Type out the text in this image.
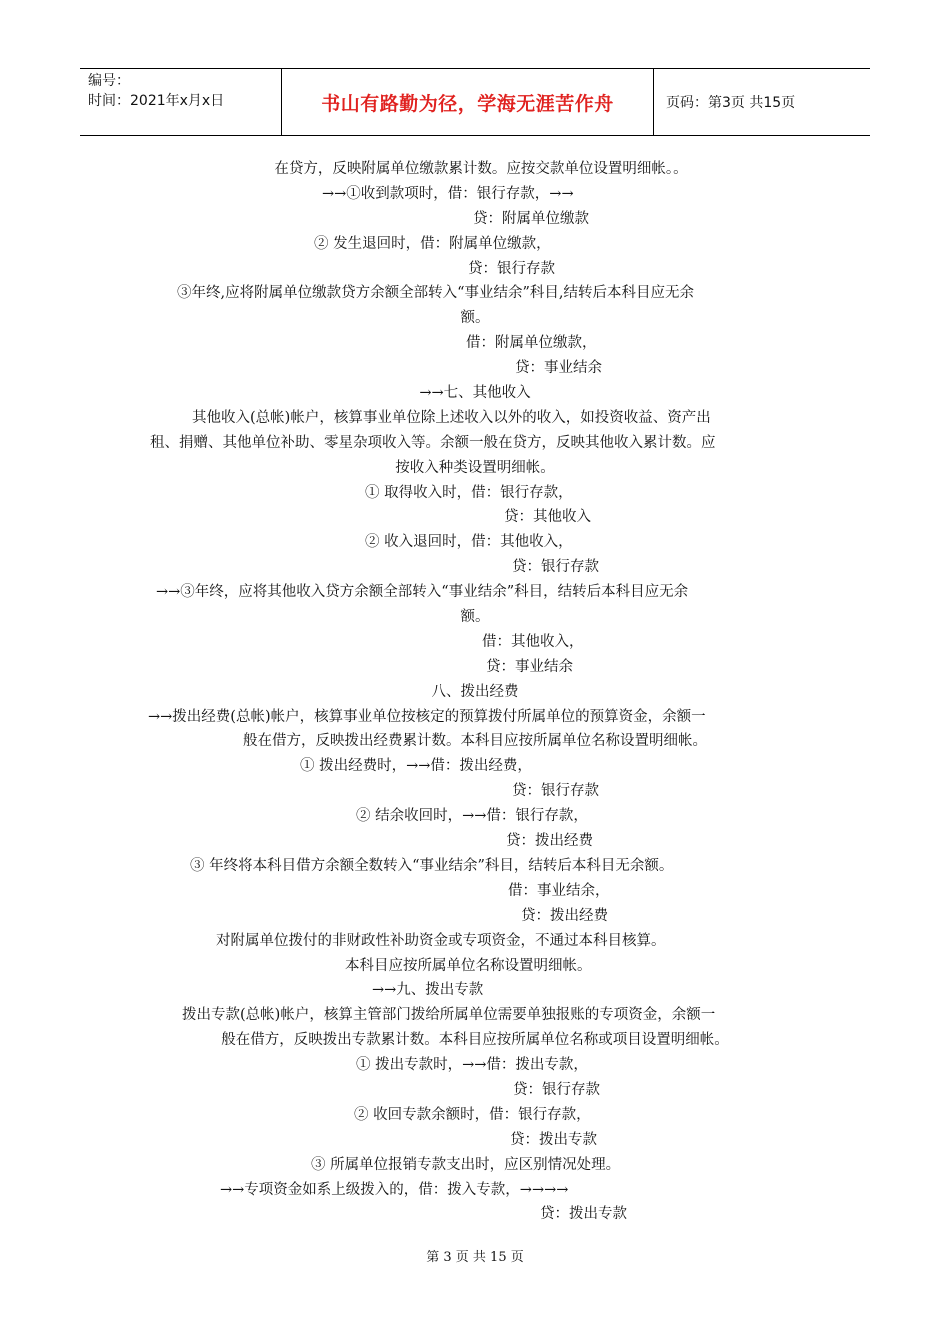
编号：
时间：2021年x月x日	书山有路勤为径，学海无涯苦作舟	页码：第3页 共15页
在贷方，反映附属单位缴款累计数。应按交款单位设置明细帐。。
→→①收到款项时，借：银行存款，→→
贷：附属单位缴款
② 发生退回时，借：附属单位缴款，
贷：银行存款
③年终,应将附属单位缴款贷方余额全部转入“事业结余”科目,结转后本科目应无余
额。
借：附属单位缴款，
贷：事业结余
→→七、其他收入
其他收入(总帐)帐户，核算事业单位除上述收入以外的收入，如投资收益、资产出
租、捐赠、其他单位补助、零星杂项收入等。余额一般在贷方，反映其他收入累计数。应
按收入种类设置明细帐。
① 取得收入时，借：银行存款，
贷：其他收入
② 收入退回时，借：其他收入，
贷：银行存款
→→③年终，应将其他收入贷方余额全部转入“事业结余”科目，结转后本科目应无余
额。
借：其他收入，
贷：事业结余
八、拨出经费
→→拨出经费(总帐)帐户，核算事业单位按核定的预算拨付所属单位的预算资金，余额一
般在借方，反映拨出经费累计数。本科目应按所属单位名称设置明细帐。
① 拨出经费时，→→借：拨出经费，
贷：银行存款
② 结余收回时，→→借：银行存款，
贷：拨出经费
③ 年终将本科目借方余额全数转入“事业结余”科目，结转后本科目无余额。
借：事业结余，
贷：拨出经费
对附属单位拨付的非财政性补助资金或专项资金，不通过本科目核算。
本科目应按所属单位名称设置明细帐。
→→九、拨出专款
拨出专款(总帐)帐户，核算主管部门拨给所属单位需要单独报账的专项资金，余额一
般在借方，反映拨出专款累计数。本科目应按所属单位名称或项目设置明细帐。
① 拨出专款时，→→借：拨出专款，
贷：银行存款
② 收回专款余额时，借：银行存款，
贷：拨出专款
③ 所属单位报销专款支出时，应区别情况处理。
→→专项资金如系上级拨入的，借：拨入专款，→→→→
贷：拨出专款
第 3 页 共 15 页
